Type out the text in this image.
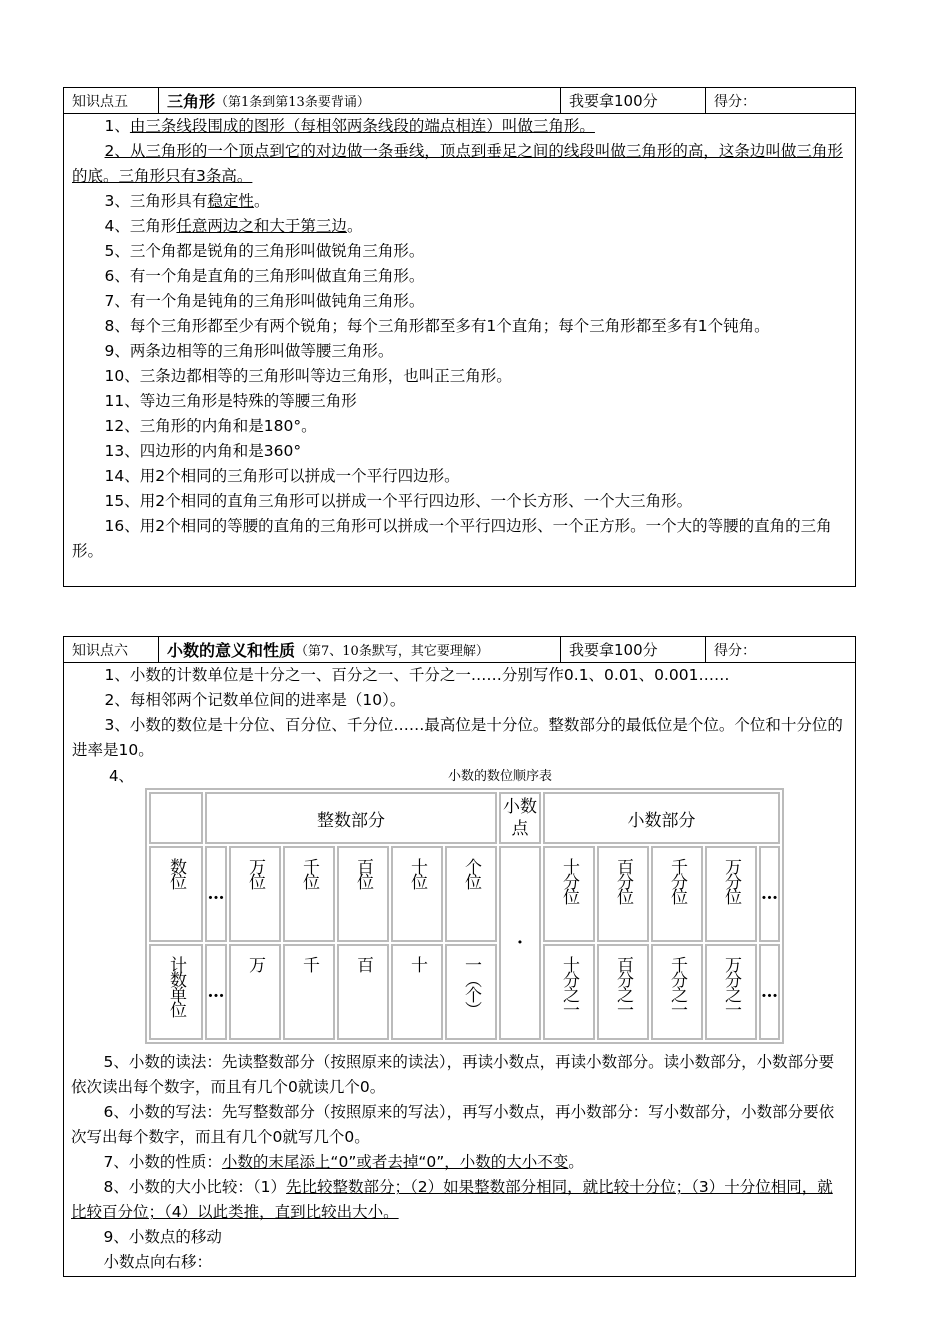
知识点五	三角形 （第1条到第13条要背诵）	我要拿100分	得分：
1、由三条线段围成的图形（每相邻两条线段的端点相连）叫做三角形。
2、从三角形的一个顶点到它的对边做一条垂线，顶点到垂足之间的线段叫做三角形的高，这条边叫做三角形的底。三角形只有3条高。
3、三角形具有稳定性。
4、三角形任意两边之和大于第三边。
5、三个角都是锐角的三角形叫做锐角三角形。
6、有一个角是直角的三角形叫做直角三角形。
7、有一个角是钝角的三角形叫做钝角三角形。
8、每个三角形都至少有两个锐角；每个三角形都至多有1个直角；每个三角形都至多有1个钝角。
9、两条边相等的三角形叫做等腰三角形。
10、三条边都相等的三角形叫等边三角形，也叫正三角形。
11、等边三角形是特殊的等腰三角形
12、三角形的内角和是180°。
13、四边形的内角和是360°
14、用2个相同的三角形可以拼成一个平行四边形。
15、用2个相同的直角三角形可以拼成一个平行四边形、一个长方形、一个大三角形。
16、用2个相同的等腰的直角的三角形可以拼成一个平行四边形、一个正方形。一个大的等腰的直角的三角形。
知识点六	小数的意义和性质 （第7、10条默写，其它要理解）	我要拿100分	得分：
1、小数的计数单位是十分之一、百分之一、千分之一……分别写作0.1、0.01、0.001……
2、每相邻两个记数单位间的进率是（10）。
3、小数的数位是十分位、百分位、千分位……最高位是十分位。整数部分的最低位是个位。个位和十分位的进率是10。
4、	小数的数位顺序表
	整数部分						小数点	小数部分				

数位	…	万位	千位	百位	十位	个位	·	十分位	百分位	千分位	万分位	…

计数单位	…	万	千	百	十	一（个）		十分之一	百分之一	千分之一	万分之一	…
5、小数的读法：先读整数部分（按照原来的读法），再读小数点，再读小数部分。读小数部分，小数部分要依次读出每个数字，而且有几个0就读几个0。
6、小数的写法：先写整数部分（按照原来的写法），再写小数点，再小数部分：写小数部分，小数部分要依次写出每个数字，而且有几个0就写几个0。
7、小数的性质：小数的末尾添上“0”或者去掉“0”，小数的大小不变。
8、小数的大小比较：（1）先比较整数部分；（2）如果整数部分相同，就比较十分位；（3）十分位相同，就比较百分位；（4）以此类推，直到比较出大小。
9、小数点的移动
小数点向右移：
